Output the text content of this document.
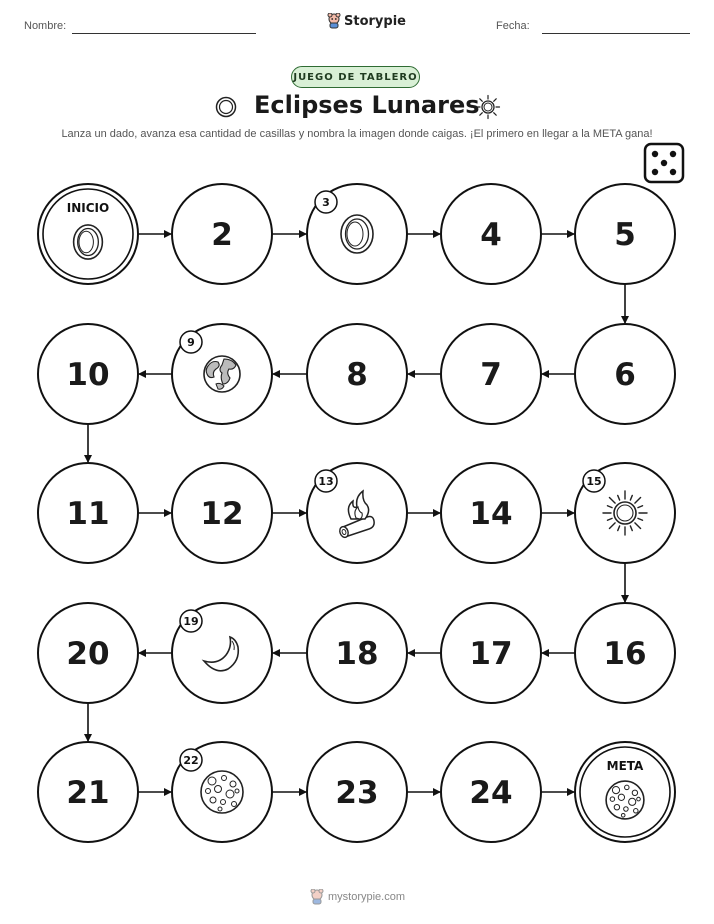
Nombre:	Storypie	Fecha:
JUEGO DE TABLERO
Eclipses Lunares
Lanza un dado, avanza esa cantidad de casillas y nombra la imagen donde caigas. ¡El primero en llegar a la META gana!
INICIO
2
3
4	5
6
7
8
9
10
11	12
13
14
15
16
17
18
19
20
21
22
23	24
META
mystorypie.com
